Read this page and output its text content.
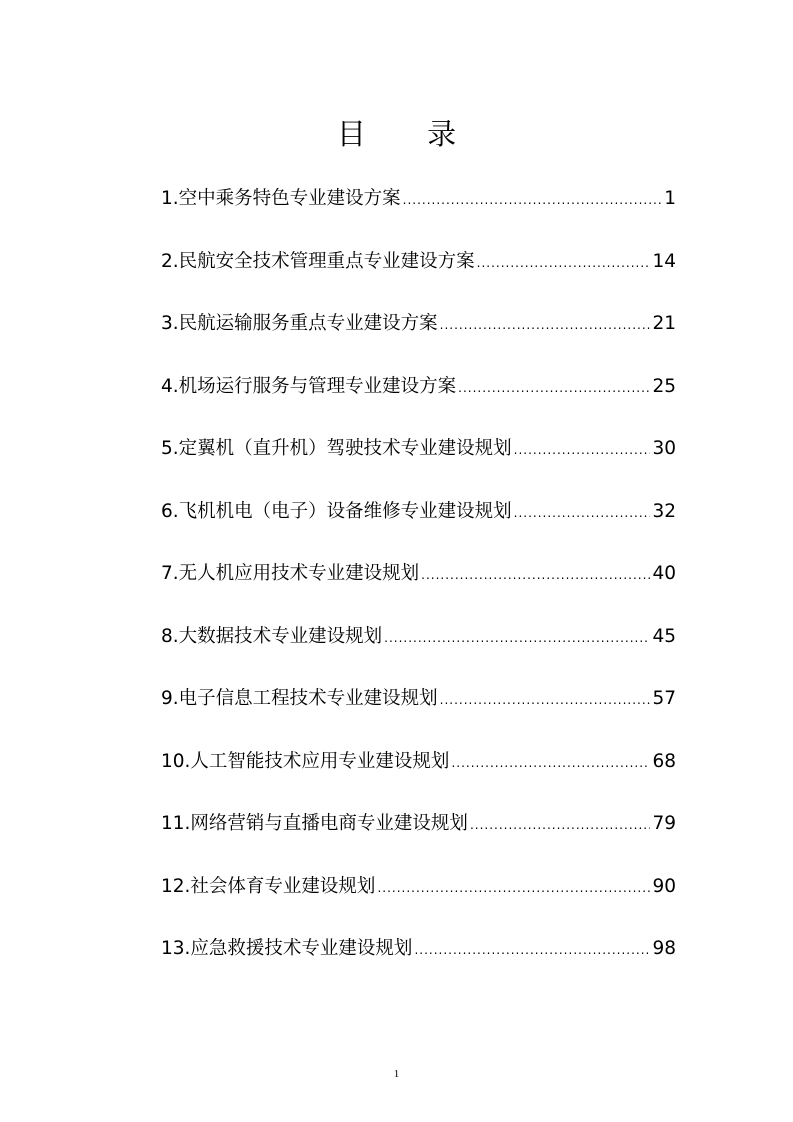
目 录
1.空中乘务特色专业建设方案 .....	1
2.民航安全技术管理重点专业建设方案 .....	14
3.民航运输服务重点专业建设方案 .....	21
4.机场运行服务与管理专业建设方案 .....	25
5.定翼机（直升机）驾驶技术专业建设规划 .....	30
6.飞机机电（电子）设备维修专业建设规划 .....	32
7.无人机应用技术专业建设规划 .....	40
8.大数据技术专业建设规划 .....	45
9.电子信息工程技术专业建设规划 .....	57
10.人工智能技术应用专业建设规划 .....	68
11.网络营销与直播电商专业建设规划 .....	79
12.社会体育专业建设规划 .....	90
13.应急救援技术专业建设规划 .....	98
1
